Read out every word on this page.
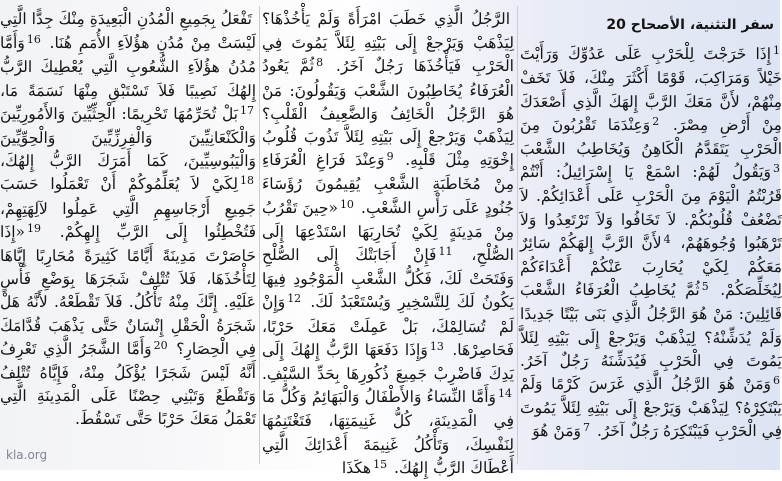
سفر التثنية، الأصحاح 20

$^1$إِذَا خَرَجْتَ لِلْحَرْبِ عَلَى عَدُوِّكَ وَرَأَيْتَ خَيْلاً وَمَرَاكِبَ، قَوْمًا أَكْثَرَ مِنْكَ، فَلاَ تَخَفْ مِنْهُمْ، لأَنَّ مَعَكَ الرَّبَّ إِلهَكَ الَّذِي أَصْعَدَكَ مِنْ أَرْضِ مِصْرَ. $^2$وَعِنْدَمَا تَقْرُبُونَ مِنَ الْحَرْبِ يَتَقَدَّمُ الْكَاهِنُ وَيُخَاطِبُ الشَّعْبَ $^3$وَيَقُولُ لَهُمْ: اسْمَعْ يَا إِسْرَائِيلُ: أَنْتُمْ قَرُبْتُمُ الْيَوْمَ مِنَ الْحَرْبِ عَلَى أَعْدَائِكُمْ. لاَ تَضْعُفْ قُلُوبُكُمْ. لاَ تَخَافُوا وَلاَ تَرْتَعِدُوا وَلاَ تَرْهَبُوا وُجُوهَهُمْ، $^4$لأَنَّ الرَّبَّ إِلهَكُمْ سَائِرٌ مَعَكُمْ لِكَيْ يُحَارِبَ عَنْكُمْ أَعْدَاءَكُمْ لِيُخَلِّصَكُمْ. $^5$ثُمَّ يُخَاطِبُ الْعُرَفَاءُ الشَّعْبَ قَائِلِينَ: مَنْ هُوَ الرَّجُلُ الَّذِي بَنَى بَيْتًا جَدِيدًا وَلَمْ يُدَشِّنْهُ؟ لِيَذْهَبْ وَيَرْجعْ إِلَى بَيْتِهِ لِئَلاَّ يَمُوتَ فِي الْحَرْبِ فَيُدَشِّنَهُ رَجُلٌ آخَرُ. $^6$وَمَنْ هُوَ الرَّجُلُ الَّذِي غَرَسَ كَرْمًا وَلَمْ يَبْتَكِرْهُ؟ لِيَذْهَبْ وَيَرْجعْ إِلَى بَيْتِهِ لِئَلاَّ يَمُوتَ فِي الْحَرْبِ فَيَبْتَكِرَهُ رَجُلٌ آخَرُ. $^7$وَمَنْ هُوَ

الرَّجُلُ الَّذِي خَطَبَ امْرَأَةً وَلَمْ يَأْخُذْهَا؟ لِيَذْهَبْ وَيَرْجعْ إِلَى بَيْتِهِ لِئَلاَّ يَمُوتَ فِي الْحَرْبِ فَيَأْخُذَهَا رَجُلٌ آخَرُ. $^8$ثُمَّ يَعُودُ الْعُرَفَاءُ يُخَاطِبُونَ الشَّعْبَ وَيَقُولُونَ: مَنْ هُوَ الرَّجُلُ الْخَائِفُ وَالضَّعِيفُ الْقَلْبِ؟ لِيَذْهَبْ وَيَرْجعْ إِلَى بَيْتِهِ لِئَلاَّ تَذُوبَ قُلُوبُ إِخْوَتِهِ مِثْلَ قَلْبِهِ. $^9$وَعِنْدَ فَرَاغِ الْعُرَفَاءِ مِنْ مُخَاطَبَةِ الشَّعْبِ يُقِيمُونَ رُؤَسَاءَ جُنُودٍ عَلَى رَأْسِ الشَّعْبِ. $^{10}$«حِينَ تَقْرُبُ مِنْ مَدِينَةٍ لِكَيْ تُحَارِبَهَا اسْتَدْعِهَا إِلَى الصُّلْحِ، $^{11}$فَإِنْ أَجَابَتْكَ إِلَى الصُّلْحِ وَفَتَحَتْ لَكَ، فَكُلُّ الشَّعْبِ الْمَوْجُودِ فِيهَا يَكُونُ لَكَ لِلتَّسْخِيرِ وَيُسْتَعْبَدُ لَكَ. $^{12}$وَإِنْ لَمْ تُسَالِمْكَ، بَلْ عَمِلَتْ مَعَكَ حَرْبًا، فَحَاصِرْهَا. $^{13}$وَإِذَا دَفَعَهَا الرَّبُّ إِلهُكَ إِلَى يَدِكَ فَاضْرِبْ جَمِيعَ ذُكُورِهَا بِحَدِّ السَّيْفِ. $^{14}$وَأَمَّا النِّسَاءُ وَالأَطْفَالُ وَالْبَهَائِمُ وَكُلُّ مَا فِي الْمَدِينَةِ، كُلُّ غَنِيمَتِهَا، فَتَغْتَنِمُهَا لِنَفْسِكَ، وَتَأْكُلُ غَنِيمَةَ أَعْدَائِكَ الَّتِي أَعْطَاكَ الرَّبُّ إِلهُكَ. $^{15}$هكَذَا

تَفْعَلُ بِجَمِيعِ الْمُدُنِ الْبَعِيدَةِ مِنْكَ جِدًّا الَّتِي لَيْسَتْ مِنْ مُدُنِ هؤُلاَءِ الأُمَمِ هُنَا. $^{16}$وَأَمَّا مُدُنُ هؤُلاَءِ الشُّعُوبِ الَّتِي يُعْطِيكَ الرَّبُّ إِلهُكَ نَصِيبًا فَلاَ تَسْتَبْقِ مِنْهَا نَسَمَةً مَا، $^{17}$بَلْ تُحَرِّمُهَا تَحْرِيمًا: الْحِثِّيِّينَ وَالأَمُورِيِّينَ وَالْكَنْعَانِيِّينَ وَالْفِرِزِّيِّينَ وَالْحِوِّيِّينَ وَالْيَبُوسِيِّينَ، كَمَا أَمَرَكَ الرَّبُّ إِلهُكَ، $^{18}$لِكَيْ لاَ يُعَلِّمُوكُمْ أَنْ تَعْمَلُوا حَسَبَ جَمِيعِ أَرْجَاسِهِمِ الَّتِي عَمِلُوا لآلِهَتِهِمْ، فَتُخْطِئُوا إِلَى الرَّبِّ إِلهِكُمْ. $^{19}$«إِذَا حَاصَرْتَ مَدِينَةً أَيَّامًا كَثِيرَةً مُحَارِبًا إِيَّاهَا لِتَأْخُذَهَا، فَلاَ تُتْلِفْ شَجَرَهَا بِوَضْعِ فَأْسٍ عَلَيْهِ. إِنَّكَ مِنْهُ تَأْكُلُ. فَلاَ تَقْطَعْهُ. لأَنَّهُ هَلْ شَجَرَةُ الْحَقْلِ إِنْسَانٌ حَتَّى يَذْهَبَ قُدَّامَكَ فِي الْحِصَارِ؟ $^{20}$وَأَمَّا الشَّجَرُ الَّذِي تَعْرِفُ أَنَّهُ لَيْسَ شَجَرًا يُؤْكَلُ مِنْهُ، فَإِيَّاهُ تُتْلِفُ وَتَقْطَعُ وَتَبْنِي حِصْنًا عَلَى الْمَدِينَةِ الَّتِي تَعْمَلُ مَعَكَ حَرْبًا حَتَّى تَسْقُطَ.

kla.org
